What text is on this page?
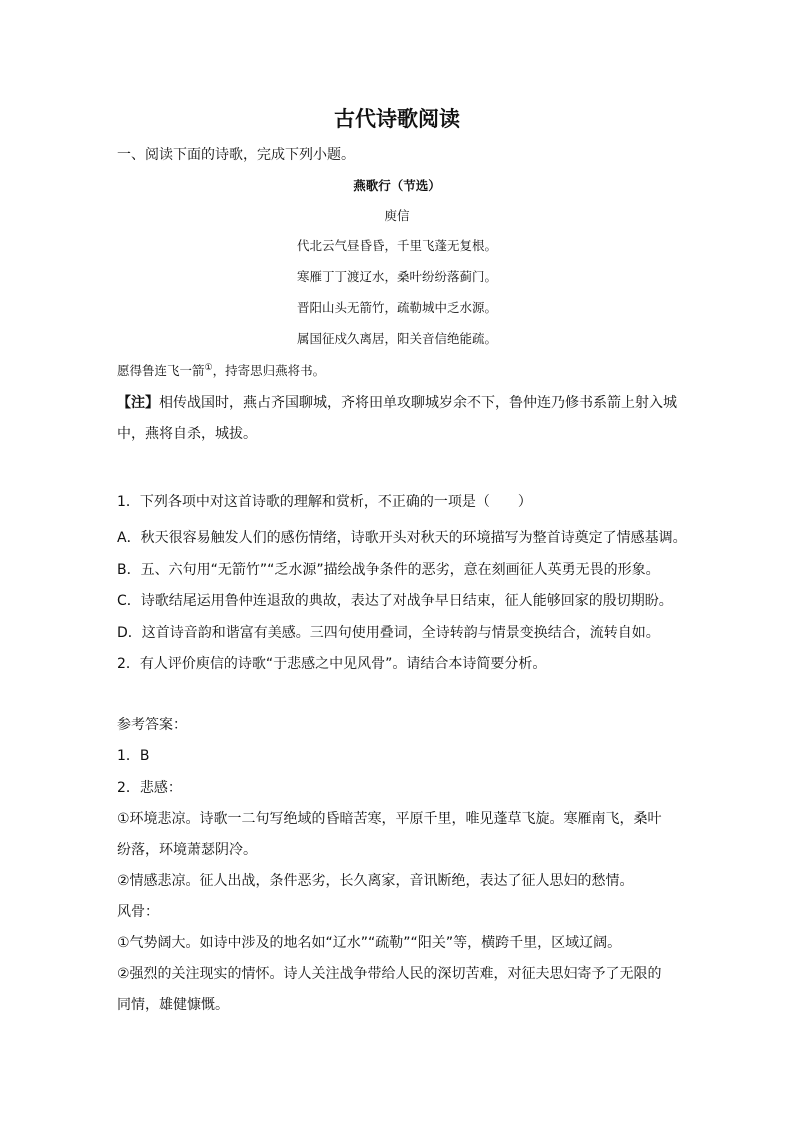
古代诗歌阅读
一、阅读下面的诗歌，完成下列小题。
燕歌行（节选）
庾信
代北云气昼昏昏，千里飞蓬无复根。
寒雁丁丁渡辽水，桑叶纷纷落蓟门。
晋阳山头无箭竹，疏勒城中乏水源。
属国征戍久离居，阳关音信绝能疏。
愿得鲁连飞一箭①，持寄思归燕将书。
【注】相传战国时，燕占齐国聊城，齐将田单攻聊城岁余不下，鲁仲连乃修书系箭上射入城
中，燕将自杀，城拔。
1．下列各项中对这首诗歌的理解和赏析，不正确的一项是（　　）
A．秋天很容易触发人们的感伤情绪，诗歌开头对秋天的环境描写为整首诗奠定了情感基调。
B．五、六句用“无箭竹”“乏水源”描绘战争条件的恶劣，意在刻画征人英勇无畏的形象。
C．诗歌结尾运用鲁仲连退敌的典故，表达了对战争早日结束，征人能够回家的殷切期盼。
D．这首诗音韵和谐富有美感。三四句使用叠词，全诗转韵与情景变换结合，流转自如。
2．有人评价庾信的诗歌“于悲感之中见风骨”。请结合本诗简要分析。
参考答案：
1．B
2．悲感：
①环境悲凉。诗歌一二句写绝域的昏暗苦寒，平原千里，唯见蓬草飞旋。寒雁南飞，桑叶
纷落，环境萧瑟阴冷。
②情感悲凉。征人出战，条件恶劣，长久离家，音讯断绝，表达了征人思妇的愁情。
风骨：
①气势阔大。如诗中涉及的地名如“辽水”“疏勒”“阳关”等，横跨千里，区域辽阔。
②强烈的关注现实的情怀。诗人关注战争带给人民的深切苦难，对征夫思妇寄予了无限的
同情，雄健慷慨。
